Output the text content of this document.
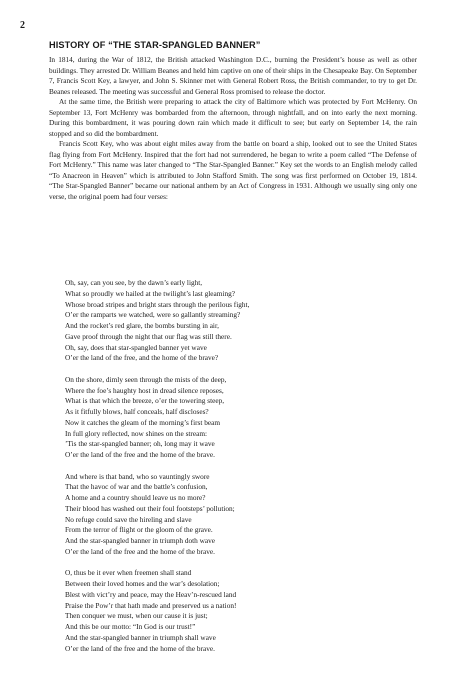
2
HISTORY OF “THE STAR-SPANGLED BANNER”

In 1814, during the War of 1812, the British attacked Washington D.C., burning the President’s house as well as other buildings. They arrested Dr. William Beanes and held him captive on one of their ships in the Chesapeake Bay. On September 7, Francis Scott Key, a lawyer, and John S. Skinner met with General Robert Ross, the British commander, to try to get Dr. Beanes released. The meeting was successful and General Ross promised to release the doctor.

At the same time, the British were preparing to attack the city of Baltimore which was protected by Fort McHenry. On September 13, Fort McHenry was bombarded from the afternoon, through nightfall, and on into early the next morning. During this bombardment, it was pouring down rain which made it difficult to see; but early on September 14, the rain stopped and so did the bombardment.

Francis Scott Key, who was about eight miles away from the battle on board a ship, looked out to see the United States flag flying from Fort McHenry. Inspired that the fort had not surrendered, he began to write a poem called “The Defense of Fort McHenry.” This name was later changed to “The Star-Spangled Banner.” Key set the words to an English melody called “To Anacreon in Heaven” which is attributed to John Stafford Smith. The song was first performed on October 19, 1814. “The Star-Spangled Banner” became our national anthem by an Act of Congress in 1931. Although we usually sing only one verse, the original poem had four verses:

Oh, say, can you see, by the dawn’s early light,
What so proudly we hailed at the twilight’s last gleaming?
Whose broad stripes and bright stars through the perilous fight,
O’er the ramparts we watched, were so gallantly streaming?
And the rocket’s red glare, the bombs bursting in air,
Gave proof through the night that our flag was still there.
Oh, say, does that star-spangled banner yet wave
O’er the land of the free, and the home of the brave?
On the shore, dimly seen through the mists of the deep,
Where the foe’s haughty host in dread silence reposes,
What is that which the breeze, o’er the towering steep,
As it fitfully blows, half conceals, half discloses?
Now it catches the gleam of the morning’s first beam
In full glory reflected, now shines on the stream:
’Tis the star-spangled banner; oh, long may it wave
O’er the land of the free and the home of the brave.
And where is that band, who so vauntingly swore
That the havoc of war and the battle’s confusion,
A home and a country should leave us no more?
Their blood has washed out their foul footsteps’ pollution;
No refuge could save the hireling and slave
From the terror of flight or the gloom of the grave.
And the star-spangled banner in triumph doth wave
O’er the land of the free and the home of the brave.
O, thus be it ever when freemen shall stand
Between their loved homes and the war’s desolation;
Blest with vict’ry and peace, may the Heav’n-rescued land
Praise the Pow’r that hath made and preserved us a nation!
Then conquer we must, when our cause it is just;
And this be our motto: “In God is our trust!”
And the star-spangled banner in triumph shall wave
O’er the land of the free and the home of the brave.
